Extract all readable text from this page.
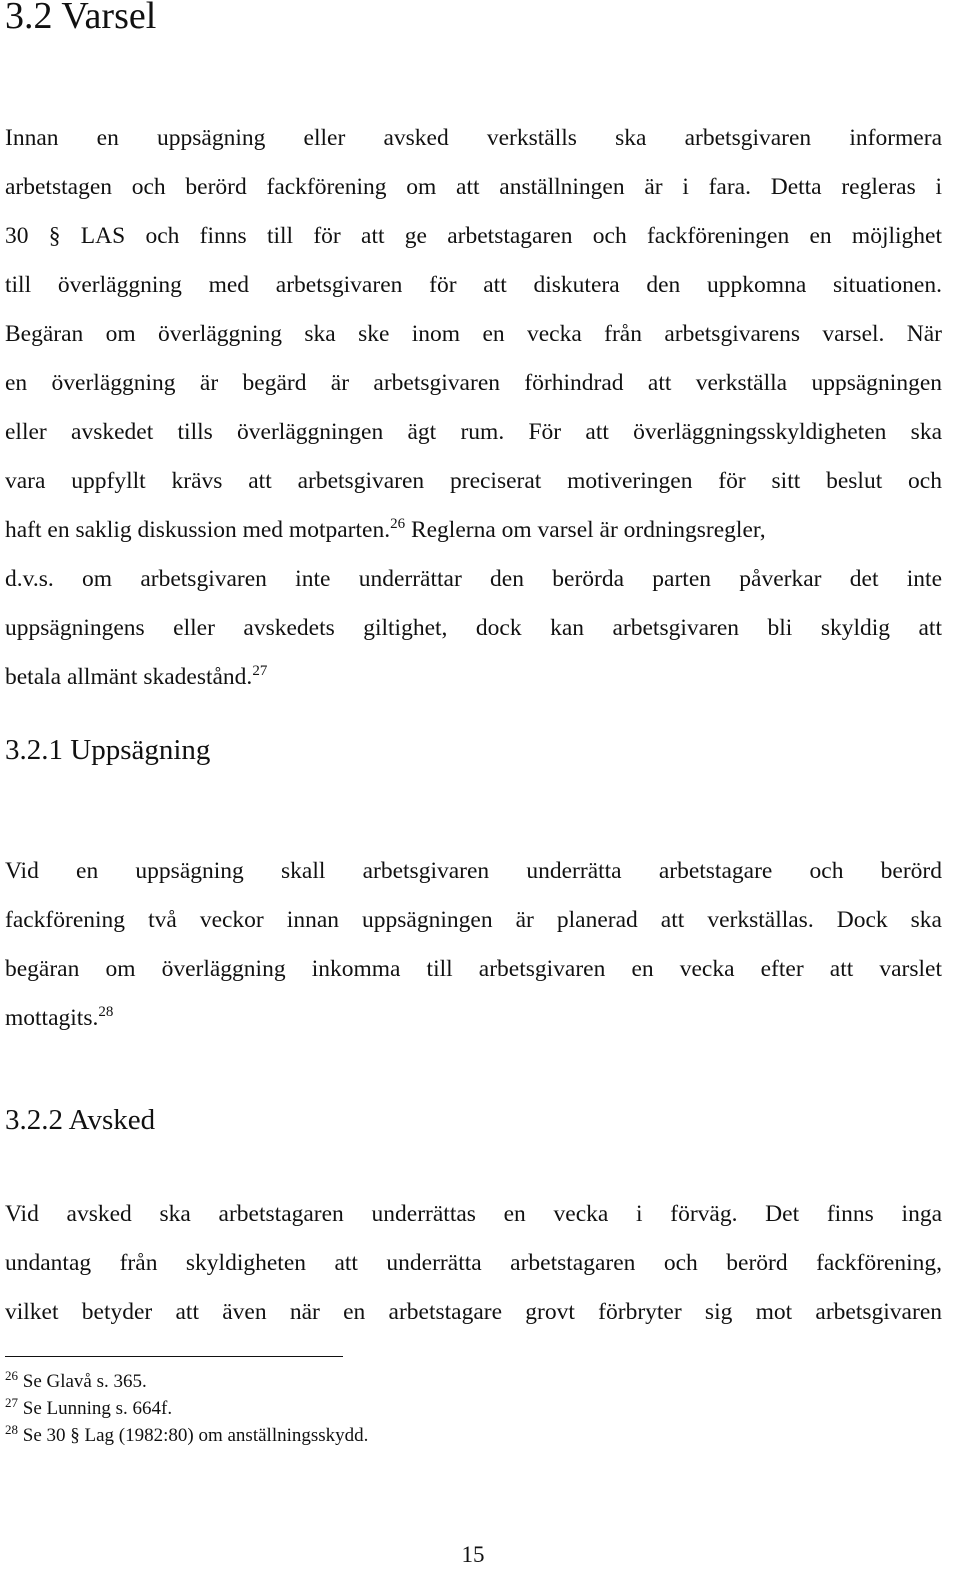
3.2 Varsel
Innan en uppsägning eller avsked verkställs ska arbetsgivaren informera
arbetstagen och berörd fackförening om att anställningen är i fara. Detta regleras i
30 § LAS och finns till för att ge arbetstagaren och fackföreningen en möjlighet
till överläggning med arbetsgivaren för att diskutera den uppkomna situationen.
Begäran om överläggning ska ske inom en vecka från arbetsgivarens varsel. När
en överläggning är begärd är arbetsgivaren förhindrad att verkställa uppsägningen
eller avskedet tills överläggningen ägt rum. För att överläggningsskyldigheten ska
vara uppfyllt krävs att arbetsgivaren preciserat motiveringen för sitt beslut och
haft en saklig diskussion med motparten.$^{26}$ Reglerna om varsel är ordningsregler,
d.v.s. om arbetsgivaren inte underrättar den berörda parten påverkar det inte
uppsägningens eller avskedets giltighet, dock kan arbetsgivaren bli skyldig att
betala allmänt skadestånd.$^{27}$
3.2.1 Uppsägning
Vid en uppsägning skall arbetsgivaren underrätta arbetstagare och berörd
fackförening två veckor innan uppsägningen är planerad att verkställas. Dock ska
begäran om överläggning inkomma till arbetsgivaren en vecka efter att varslet
mottagits.$^{28}$
3.2.2 Avsked
Vid avsked ska arbetstagaren underrättas en vecka i förväg. Det finns inga
undantag från skyldigheten att underrätta arbetstagaren och berörd fackförening,
vilket betyder att även när en arbetstagare grovt förbryter sig mot arbetsgivaren
$^{26}$ Se Glavå s. 365.
$^{27}$ Se Lunning s. 664f.
$^{28}$ Se 30 § Lag (1982:80) om anställningsskydd.
15
